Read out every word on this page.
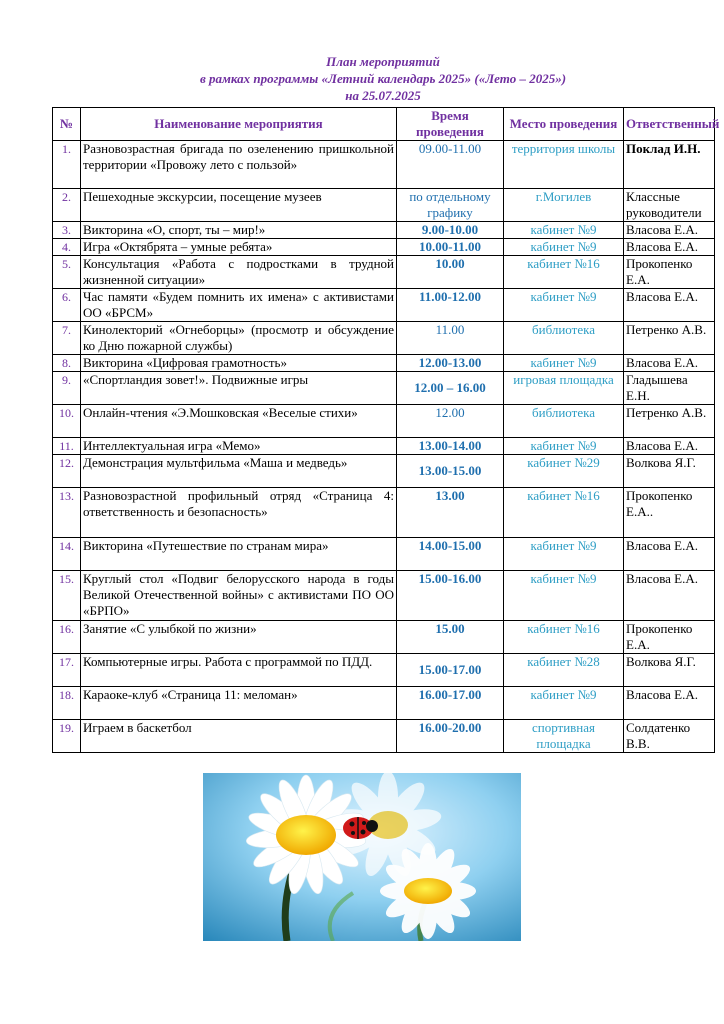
План мероприятий
в рамках программы «Летний календарь 2025» («Лето – 2025»)
на 25.07.2025
№	Наименование мероприятия	Время проведения	Место проведения	Ответственный
1.	Разновозрастная бригада по озеленению пришкольной территории «Провожу лето с пользой»	09.00-11.00	территория школы	Поклад И.Н.
2.	Пешеходные экскурсии, посещение музеев	по отдельному графику	г.Могилев	Классные руководители
3.	Викторина «О, спорт, ты – мир!»	9.00-10.00	кабинет №9	Власова Е.А.
4.	Игра «Октябрята – умные ребята»	10.00-11.00	кабинет №9	Власова Е.А.
5.	Консультация «Работа с подростками в трудной жизненной ситуации»	10.00	кабинет №16	Прокопенко Е.А.
6.	Час памяти «Будем помнить их имена» с активистами ОО «БРСМ»	11.00-12.00	кабинет №9	Власова Е.А.
7.	Кинолекторий «Огнеборцы» (просмотр и обсуждение ко Дню пожарной службы)	11.00	библиотека	Петренко А.В.
8.	Викторина «Цифровая грамотность»	12.00-13.00	кабинет №9	Власова Е.А.
9.	«Спортландия зовет!». Подвижные игры	12.00 – 16.00	игровая площадка	Гладышева Е.Н.
10.	Онлайн-чтения «Э.Мошковская «Веселые стихи»	12.00	библиотека	Петренко А.В.
11.	Интеллектуальная игра «Мемо»	13.00-14.00	кабинет №9	Власова Е.А.
12.	Демонстрация мультфильма «Маша и медведь»	13.00-15.00	кабинет №29	Волкова Я.Г.
13.	Разновозрастной профильный отряд «Страница 4: ответственность и безопасность»	13.00	кабинет №16	Прокопенко Е.А..
14.	Викторина «Путешествие по странам мира»	14.00-15.00	кабинет №9	Власова Е.А.
15.	Круглый стол «Подвиг белорусского народа в годы Великой Отечественной войны» с активистами ПО ОО «БРПО»	15.00-16.00	кабинет №9	Власова Е.А.
16.	Занятие «С улыбкой по жизни»	15.00	кабинет №16	Прокопенко Е.А.
17.	Компьютерные игры. Работа с программой по ПДД.	15.00-17.00	кабинет №28	Волкова Я.Г.
18.	Караоке-клуб «Страница 11: меломан»	16.00-17.00	кабинет №9	Власова Е.А.
19.	Играем в баскетбол	16.00-20.00	спортивная площадка	Солдатенко В.В.
